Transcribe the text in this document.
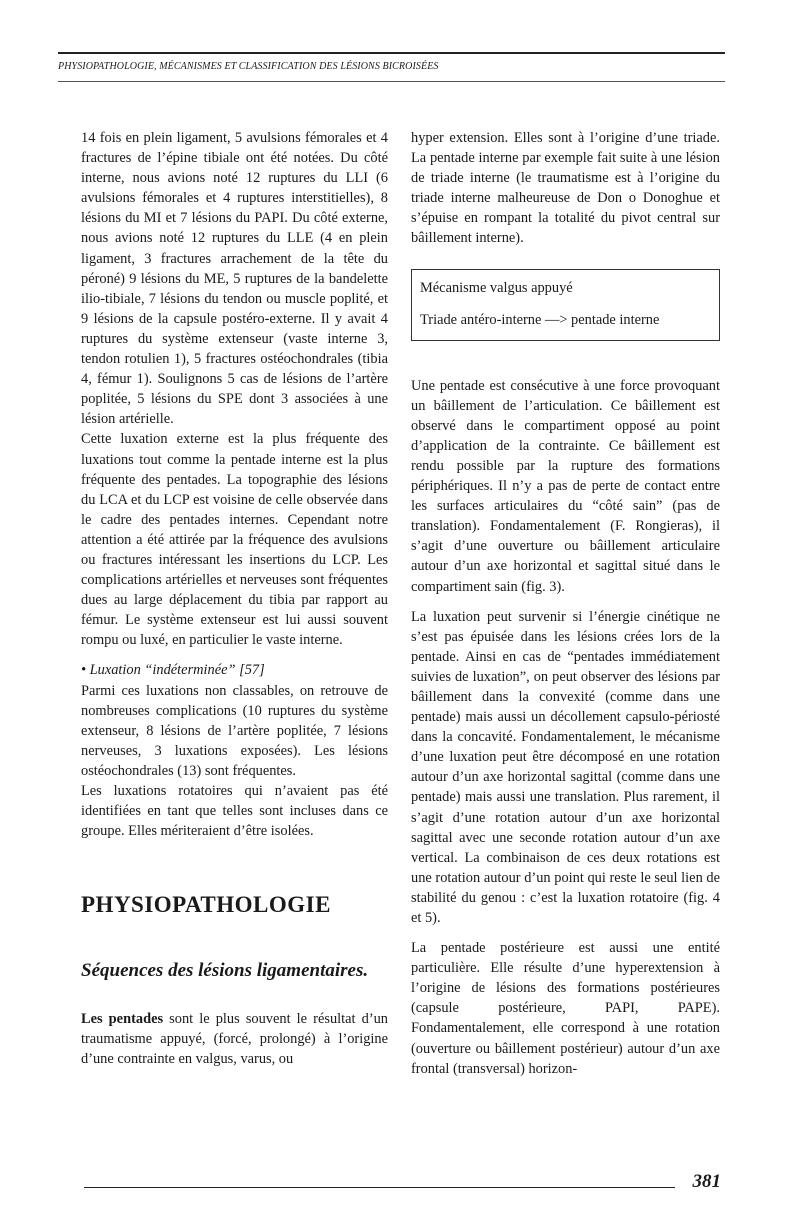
PHYSIOPATHOLOGIE, MÉCANISMES ET CLASSIFICATION DES LÉSIONS BICROISÉES

14 fois en plein ligament, 5 avulsions fémorales et 4 fractures de l’épine tibiale ont été notées. Du côté interne, nous avions noté 12 ruptures du LLI (6 avulsions fémorales et 4 ruptures interstitielles), 8 lésions du MI et 7 lésions du PAPI. Du côté externe, nous avions noté 12 ruptures du LLE (4 en plein ligament, 3 fractures arrachement de la tête du péroné) 9 lésions du ME, 5 ruptures de la bandelette ilio-tibiale, 7 lésions du tendon ou muscle poplité, et 9 lésions de la capsule postéro-externe. Il y avait 4 ruptures du système extenseur (vaste interne 3, tendon rotulien 1), 5 fractures ostéochondrales (tibia 4, fémur 1). Soulignons 5 cas de lésions de l’artère poplitée, 5 lésions du SPE dont 3 associées à une lésion artérielle.

Cette luxation externe est la plus fréquente des luxations tout comme la pentade interne est la plus fréquente des pentades. La topographie des lésions du LCA et du LCP est voisine de celle observée dans le cadre des pentades internes. Cependant notre attention a été attirée par la fréquence des avulsions ou fractures intéressant les insertions du LCP. Les complications artérielles et nerveuses sont fréquentes dues au large déplacement du tibia par rapport au fémur. Le système extenseur est lui aussi souvent rompu ou luxé, en particulier le vaste interne.

• Luxation “indéterminée” [57]

Parmi ces luxations non classables, on retrouve de nombreuses complications (10 ruptures du système extenseur, 8 lésions de l’artère poplitée, 7 lésions nerveuses, 3 luxations exposées). Les lésions ostéochondrales (13) sont fréquentes.

Les luxations rotatoires qui n’avaient pas été identifiées en tant que telles sont incluses dans ce groupe. Elles mériteraient d’être isolées.

PHYSIOPATHOLOGIE

Séquences des lésions ligamentaires.

Les pentades sont le plus souvent le résultat d’un traumatisme appuyé, (forcé, prolongé) à l’origine d’une contrainte en valgus, varus, ou

hyper extension. Elles sont à l’origine d’une triade. La pentade interne par exemple fait suite à une lésion de triade interne (le traumatisme est à l’origine du triade interne malheureuse de Don o Donoghue et s’épuise en rompant la totalité du pivot central sur bâillement interne).

Mécanisme valgus appuyé

Triade antéro-interne —> pentade interne

Une pentade est consécutive à une force provoquant un bâillement de l’articulation. Ce bâillement est observé dans le compartiment opposé au point d’application de la contrainte. Ce bâillement est rendu possible par la rupture des formations périphériques. Il n’y a pas de perte de contact entre les surfaces articulaires du “côté sain” (pas de translation). Fondamentalement (F. Rongieras), il s’agit d’une ouverture ou bâillement articulaire autour d’un axe horizontal et sagittal situé dans le compartiment sain (fig. 3).

La luxation peut survenir si l’énergie cinétique ne s’est pas épuisée dans les lésions crées lors de la pentade. Ainsi en cas de “pentades immédiatement suivies de luxation”, on peut observer des lésions par bâillement dans la convexité (comme dans une pentade) mais aussi un décollement capsulo-périosté dans la concavité. Fondamentalement, le mécanisme d’une luxation peut être décomposé en une rotation autour d’un axe horizontal sagittal (comme dans une pentade) mais aussi une translation. Plus rarement, il s’agit d’une rotation autour d’un axe horizontal sagittal avec une seconde rotation autour d’un axe vertical. La combinaison de ces deux rotations est une rotation autour d’un point qui reste le seul lien de stabilité du genou : c’est la luxation rotatoire (fig. 4 et 5).

La pentade postérieure est aussi une entité particulière. Elle résulte d’une hyperextension à l’origine de lésions des formations postérieures (capsule postérieure, PAPI, PAPE). Fondamentalement, elle correspond à une rotation (ouverture ou bâillement postérieur) autour d’un axe frontal (transversal) horizon-

381
